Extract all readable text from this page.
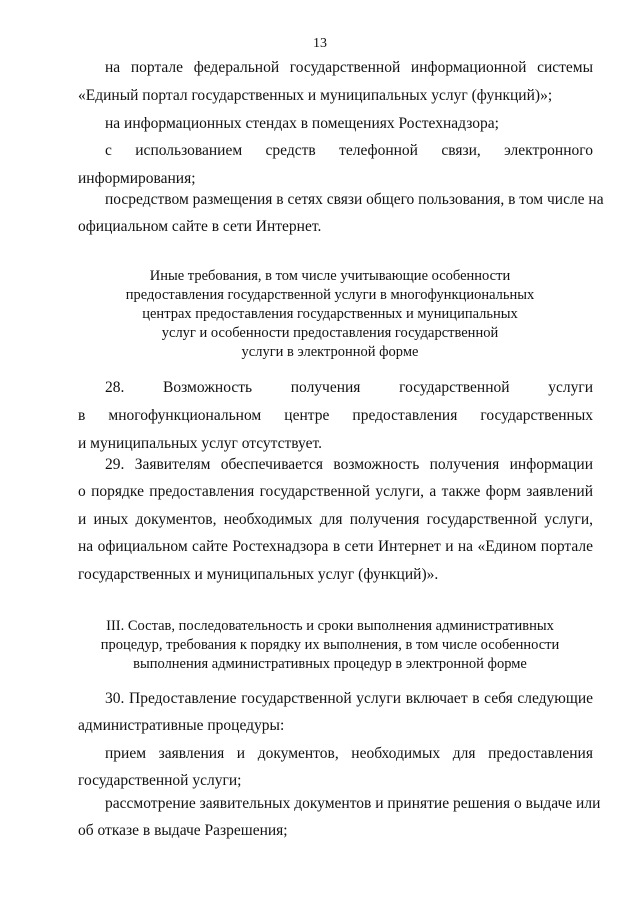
13
на портале федеральной государственной информационной системы
«Единый портал государственных и муниципальных услуг (функций)»;
на информационных стендах в помещениях Ростехнадзора;
с использованием средств телефонной связи, электронного
информирования;
посредством размещения в сетях связи общего пользования, в том числе на
официальном сайте в сети Интернет.
Иные требования, в том числе учитывающие особенности
предоставления государственной услуги в многофункциональных
центрах предоставления государственных и муниципальных
услуг и особенности предоставления государственной
услуги в электронной форме
28. Возможность получения государственной услуги
в многофункциональном центре предоставления государственных
и муниципальных услуг отсутствует.
29. Заявителям обеспечивается возможность получения информации
о порядке предоставления государственной услуги, а также форм заявлений
и иных документов, необходимых для получения государственной услуги,
на официальном сайте Ростехнадзора в сети Интернет и на «Едином портале
государственных и муниципальных услуг (функций)».
III. Состав, последовательность и сроки выполнения административных
процедур, требования к порядку их выполнения, в том числе особенности
выполнения административных процедур в электронной форме
30. Предоставление государственной услуги включает в себя следующие
административные процедуры:
прием заявления и документов, необходимых для предоставления
государственной услуги;
рассмотрение заявительных документов и принятие решения о выдаче или
об отказе в выдаче Разрешения;
